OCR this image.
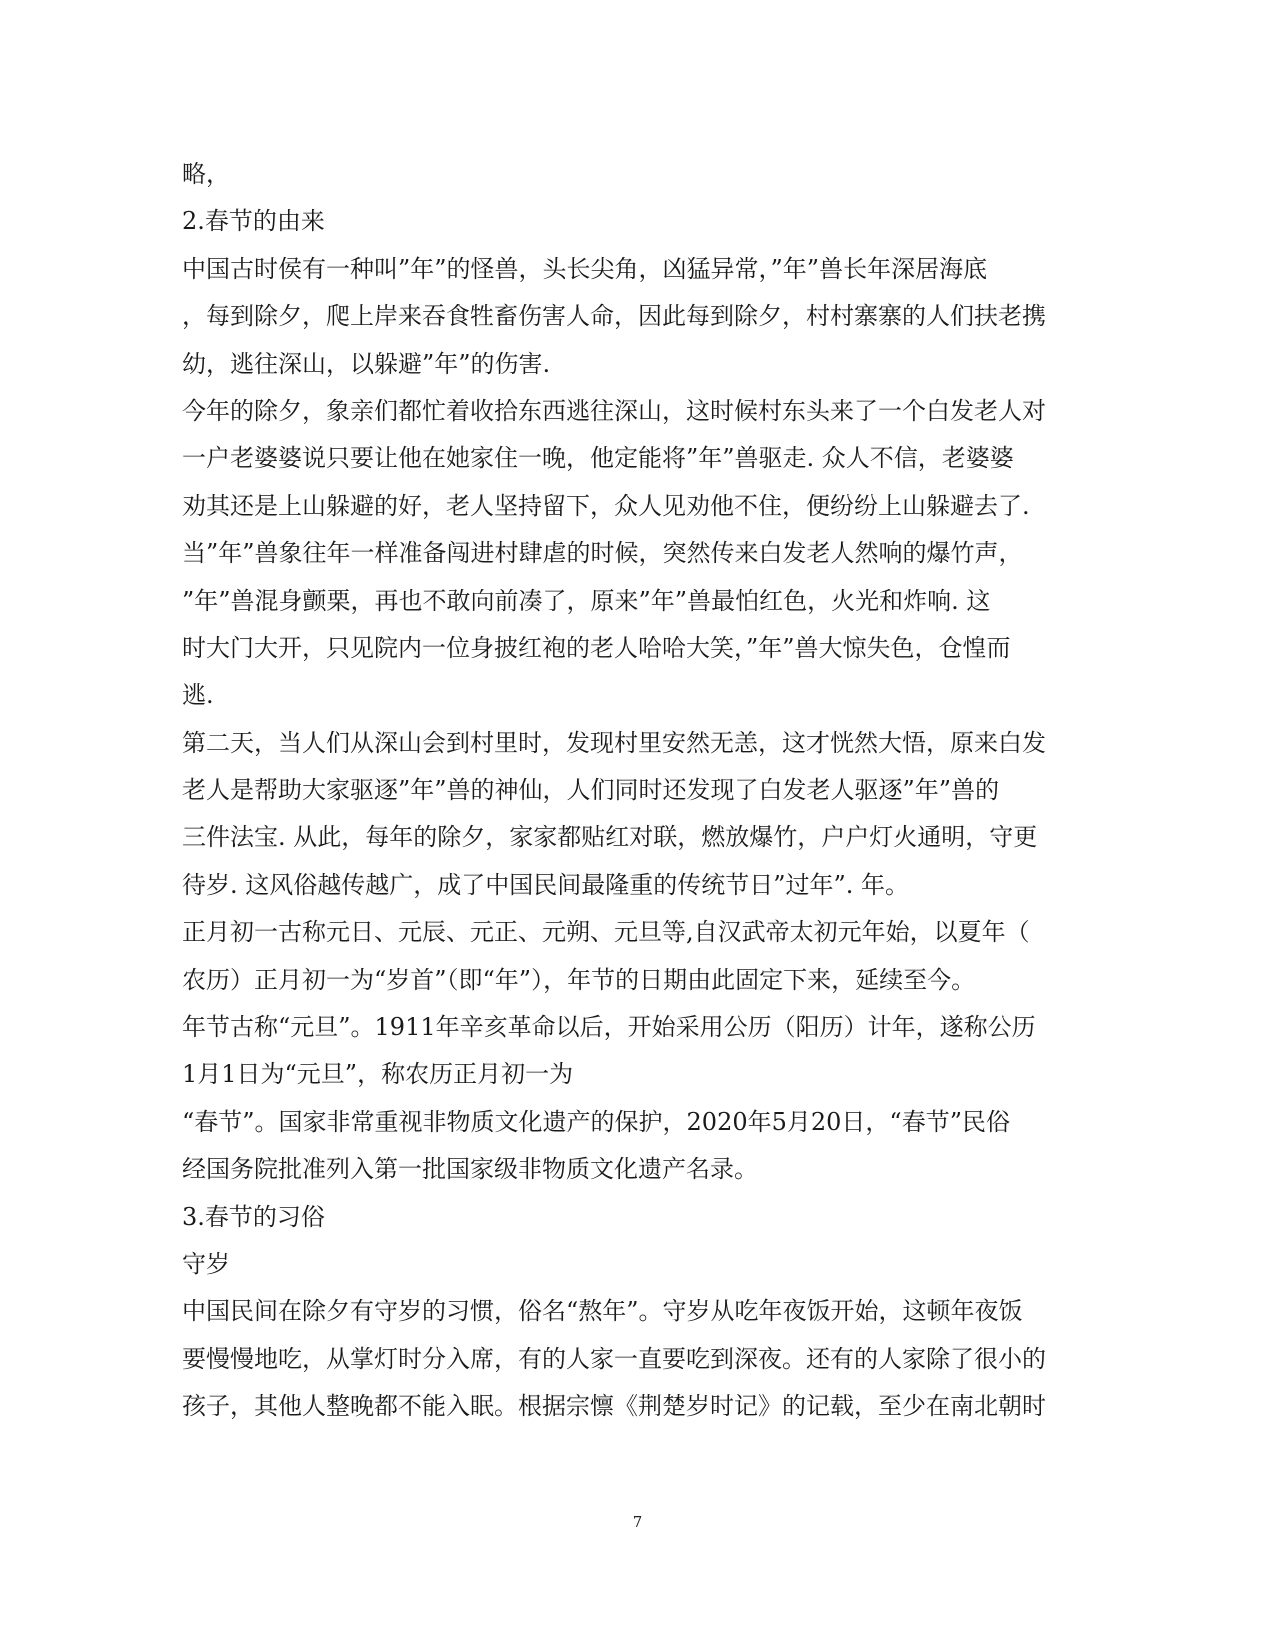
略，
2.春节的由来
中国古时侯有一种叫”年”的怪兽，头长尖角，凶猛异常，”年”兽长年深居海底
，每到除夕，爬上岸来吞食牲畜伤害人命，因此每到除夕，村村寨寨的人们扶老携
幼，逃往深山，以躲避”年”的伤害.
今年的除夕，象亲们都忙着收拾东西逃往深山，这时候村东头来了一个白发老人对
一户老婆婆说只要让他在她家住一晚，他定能将”年”兽驱走. 众人不信，老婆婆
劝其还是上山躲避的好，老人坚持留下，众人见劝他不住，便纷纷上山躲避去了.
当”年”兽象往年一样准备闯进村肆虐的时候，突然传来白发老人然响的爆竹声，
”年”兽混身颤栗，再也不敢向前凑了，原来”年”兽最怕红色，火光和炸响. 这
时大门大开，只见院内一位身披红袍的老人哈哈大笑，”年”兽大惊失色，仓惶而
逃.
第二天，当人们从深山会到村里时，发现村里安然无恙，这才恍然大悟，原来白发
老人是帮助大家驱逐”年”兽的神仙，人们同时还发现了白发老人驱逐”年”兽的
三件法宝. 从此，每年的除夕，家家都贴红对联，燃放爆竹，户户灯火通明，守更
待岁. 这风俗越传越广，成了中国民间最隆重的传统节日”过年”. 年。
正月初一古称元日、元辰、元正、元朔、元旦等,自汉武帝太初元年始，以夏年（
农历）正月初一为“岁首”（即“年”），年节的日期由此固定下来，延续至今。
年节古称“元旦”。1911年辛亥革命以后，开始采用公历（阳历）计年，遂称公历
1月1日为“元旦”，称农历正月初一为
“春节”。国家非常重视非物质文化遗产的保护，2020年5月20日，“春节”民俗
经国务院批准列入第一批国家级非物质文化遗产名录。
3.春节的习俗
守岁
中国民间在除夕有守岁的习惯，俗名“熬年”。守岁从吃年夜饭开始，这顿年夜饭
要慢慢地吃，从掌灯时分入席，有的人家一直要吃到深夜。还有的人家除了很小的
孩子，其他人整晚都不能入眠。根据宗懔《荆楚岁时记》的记载，至少在南北朝时
7
